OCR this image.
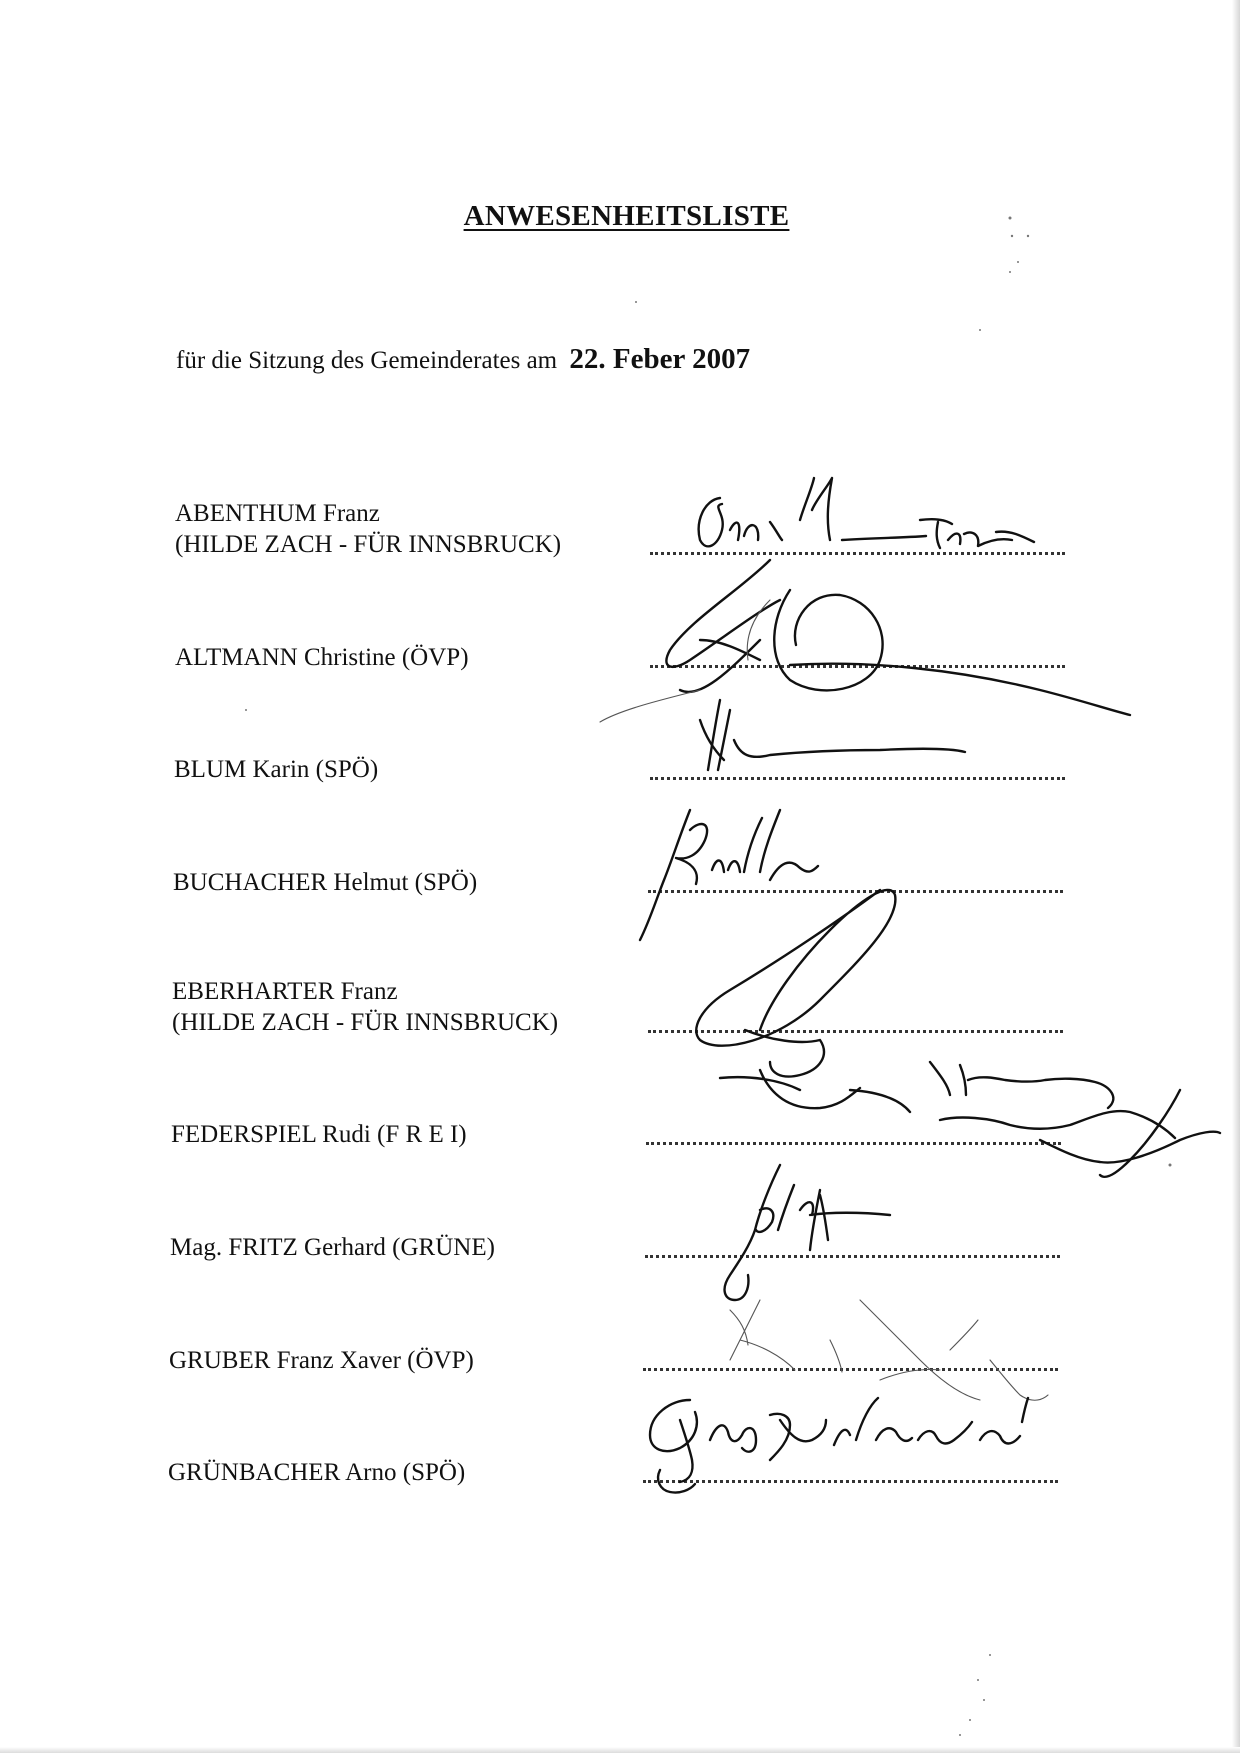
ANWESENHEITSLISTE
für die Sitzung des Gemeinderates am 22. Feber 2007
ABENTHUM Franz
(HILDE ZACH - FÜR INNSBRUCK)
ALTMANN Christine (ÖVP)
BLUM Karin (SPÖ)
BUCHACHER Helmut (SPÖ)
EBERHARTER Franz
(HILDE ZACH - FÜR INNSBRUCK)
FEDERSPIEL Rudi (F R E I)
Mag. FRITZ Gerhard (GRÜNE)
GRUBER Franz Xaver (ÖVP)
GRÜNBACHER Arno (SPÖ)
